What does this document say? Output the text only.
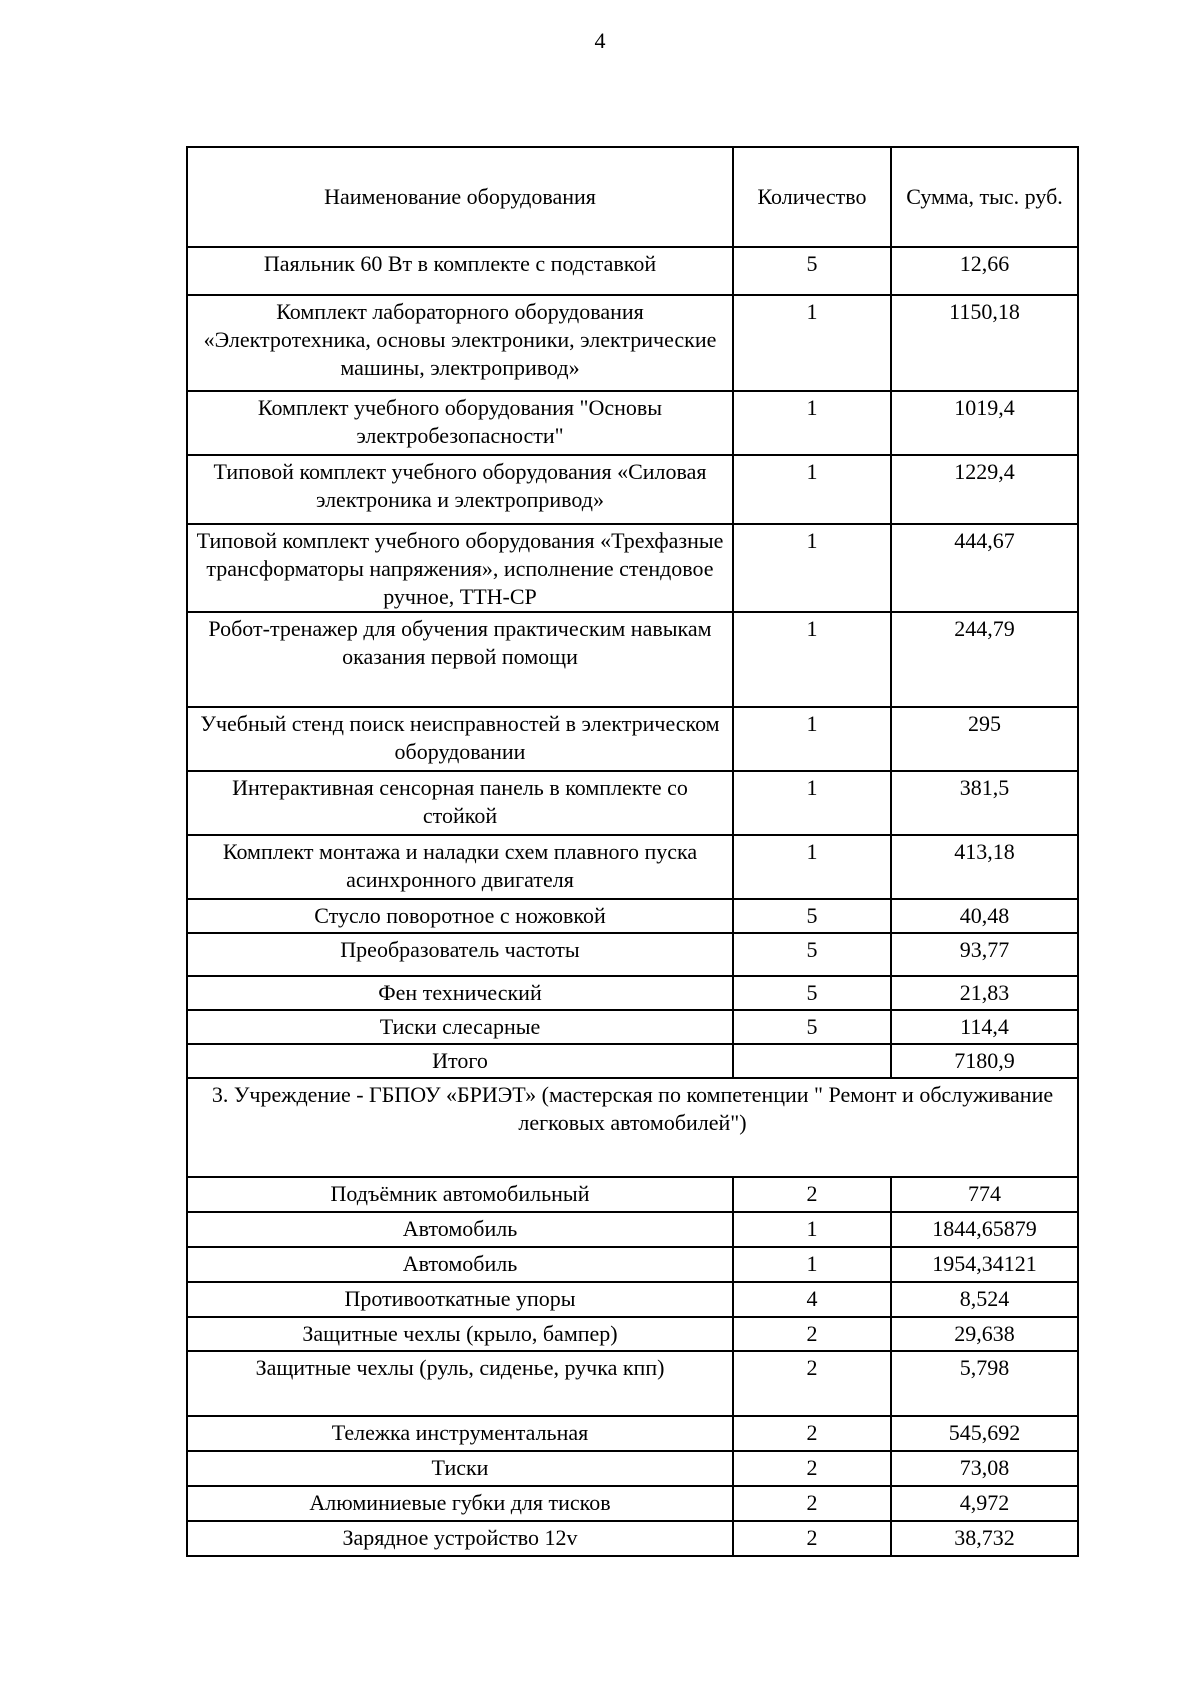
4
Наименование оборудования	Количество	Сумма, тыс. руб.
Паяльник 60 Вт в комплекте с подставкой	5	12,66
Комплект лабораторного оборудования «Электротехника, основы электроники, электрические машины, электропривод»	1	1150,18
Комплект учебного оборудования "Основы электробезопасности"	1	1019,4
Типовой комплект учебного оборудования «Силовая электроника и электропривод»	1	1229,4
Типовой комплект учебного оборудования «Трехфазные трансформаторы напряжения», исполнение стендовое ручное, ТТН-СР	1	444,67
Робот-тренажер для обучения практическим навыкам оказания первой помощи	1	244,79
Учебный стенд поиск неисправностей в электрическом оборудовании	1	295
Интерактивная сенсорная панель в комплекте со стойкой	1	381,5
Комплект монтажа и наладки схем плавного пуска асинхронного двигателя	1	413,18
Стусло поворотное с ножовкой	5	40,48
Преобразователь частоты	5	93,77
Фен технический	5	21,83
Тиски слесарные	5	114,4
Итого		7180,9
3. Учреждение - ГБПОУ «БРИЭТ» (мастерская по компетенции " Ремонт и обслуживание легковых автомобилей")		
Подъёмник автомобильный	2	774
Автомобиль	1	1844,65879
Автомобиль	1	1954,34121
Противооткатные упоры	4	8,524
Защитные чехлы (крыло, бампер)	2	29,638
Защитные чехлы (руль, сиденье, ручка кпп)	2	5,798
Тележка инструментальная	2	545,692
Тиски	2	73,08
Алюминиевые губки для тисков	2	4,972
Зарядное устройство 12v	2	38,732
